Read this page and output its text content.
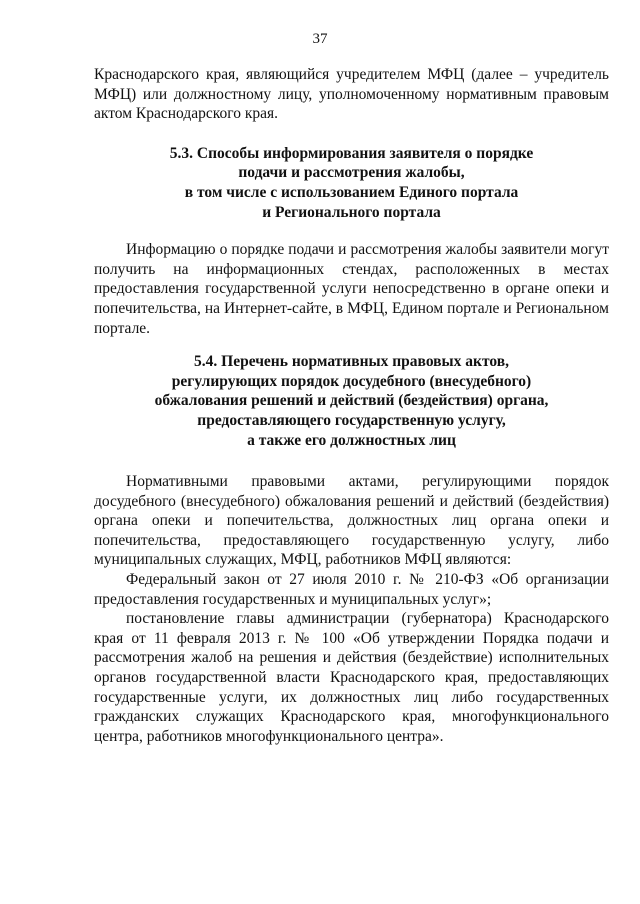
37

Краснодарского края, являющийся учредителем МФЦ (далее – учредитель МФЦ) или должностному лицу, уполномоченному нормативным правовым актом Краснодарского края.

5.3. Способы информирования заявителя о порядке
подачи и рассмотрения жалобы,
в том числе с использованием Единого портала
и Регионального портала

Информацию о порядке подачи и рассмотрения жалобы заявители могут получить на информационных стендах, расположенных в местах предоставления государственной услуги непосредственно в органе опеки и попечительства, на Интернет-сайте, в МФЦ, Едином портале и Региональном портале.

5.4. Перечень нормативных правовых актов,
регулирующих порядок досудебного (внесудебного)
обжалования решений и действий (бездействия) органа,
предоставляющего государственную услугу,
а также его должностных лиц

Нормативными правовыми актами, регулирующими порядок досудебного (внесудебного) обжалования решений и действий (бездействия) органа опеки и попечительства, должностных лиц органа опеки и попечительства, предоставляющего государственную услугу, либо муниципальных служащих, МФЦ, работников МФЦ являются:

Федеральный закон от 27 июля 2010 г. № 210-ФЗ «Об организации предоставления государственных и муниципальных услуг»;

постановление главы администрации (губернатора) Краснодарского края от 11 февраля 2013 г. № 100 «Об утверждении Порядка подачи и рассмотрения жалоб на решения и действия (бездействие) исполнительных органов государственной власти Краснодарского края, предоставляющих государственные услуги, их должностных лиц либо государственных гражданских служащих Краснодарского края, многофункционального центра, работников многофункционального центра».
